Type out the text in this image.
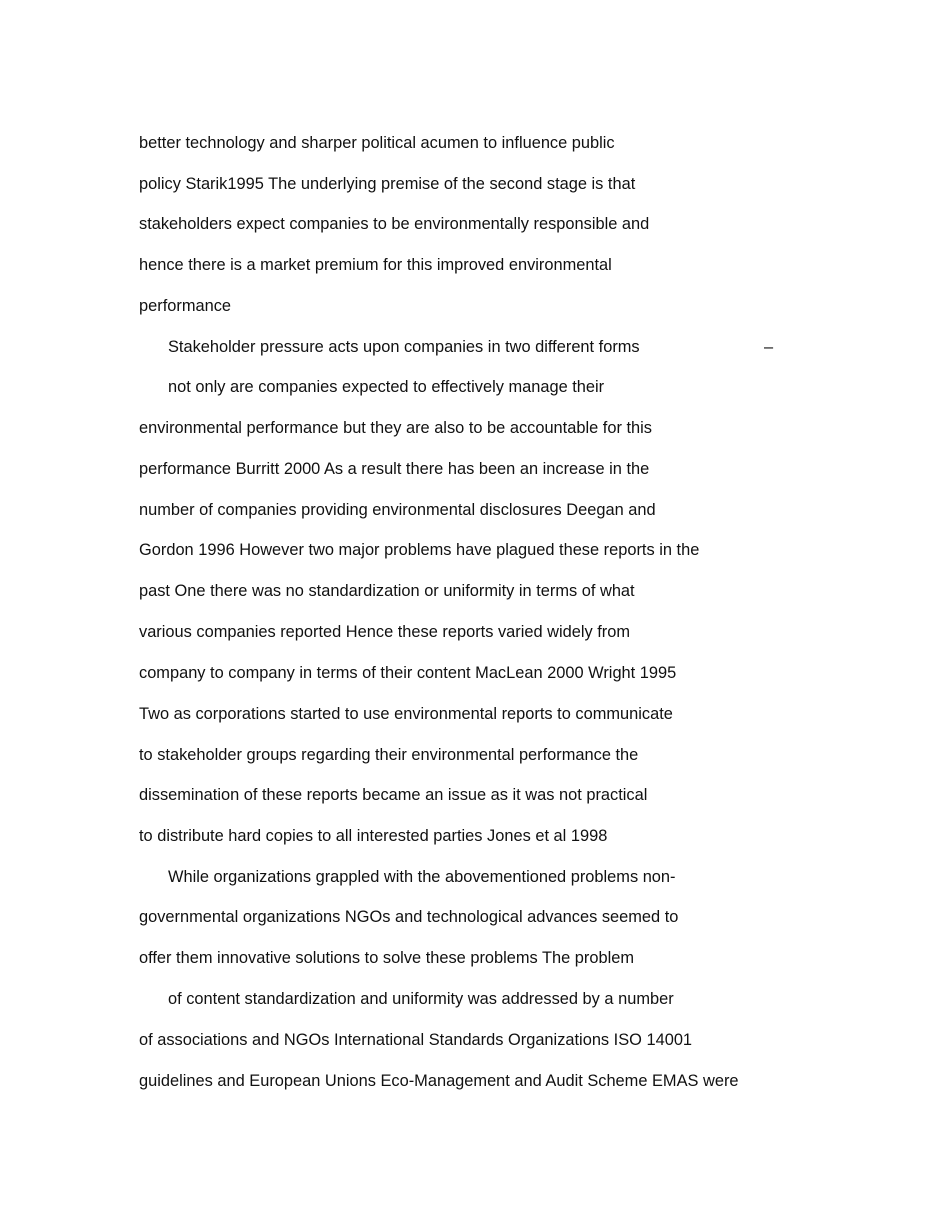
better technology and sharper political acumen to influence public
policy Starik1995 The underlying premise of the second stage is that
stakeholders expect companies to be environmentally responsible and
hence there is a market premium for this improved environmental
performance
Stakeholder pressure acts upon companies in two different forms	–
not only are companies expected to effectively manage their
environmental performance but they are also to be accountable for this
performance Burritt 2000 As a result there has been an increase in the
number of companies providing environmental disclosures Deegan and
Gordon 1996 However two major problems have plagued these reports in the
past One there was no standardization or uniformity in terms of what
various companies reported Hence these reports varied widely from
company to company in terms of their content MacLean 2000 Wright 1995
Two as corporations started to use environmental reports to communicate
to stakeholder groups regarding their environmental performance the
dissemination of these reports became an issue as it was not practical
to distribute hard copies to all interested parties Jones et al 1998
While organizations grappled with the abovementioned problems non-
governmental organizations NGOs and technological advances seemed to
offer them innovative solutions to solve these problems The problem
of content standardization and uniformity was addressed by a number
of associations and NGOs International Standards Organizations ISO 14001
guidelines and European Unions Eco-Management and Audit Scheme EMAS were
